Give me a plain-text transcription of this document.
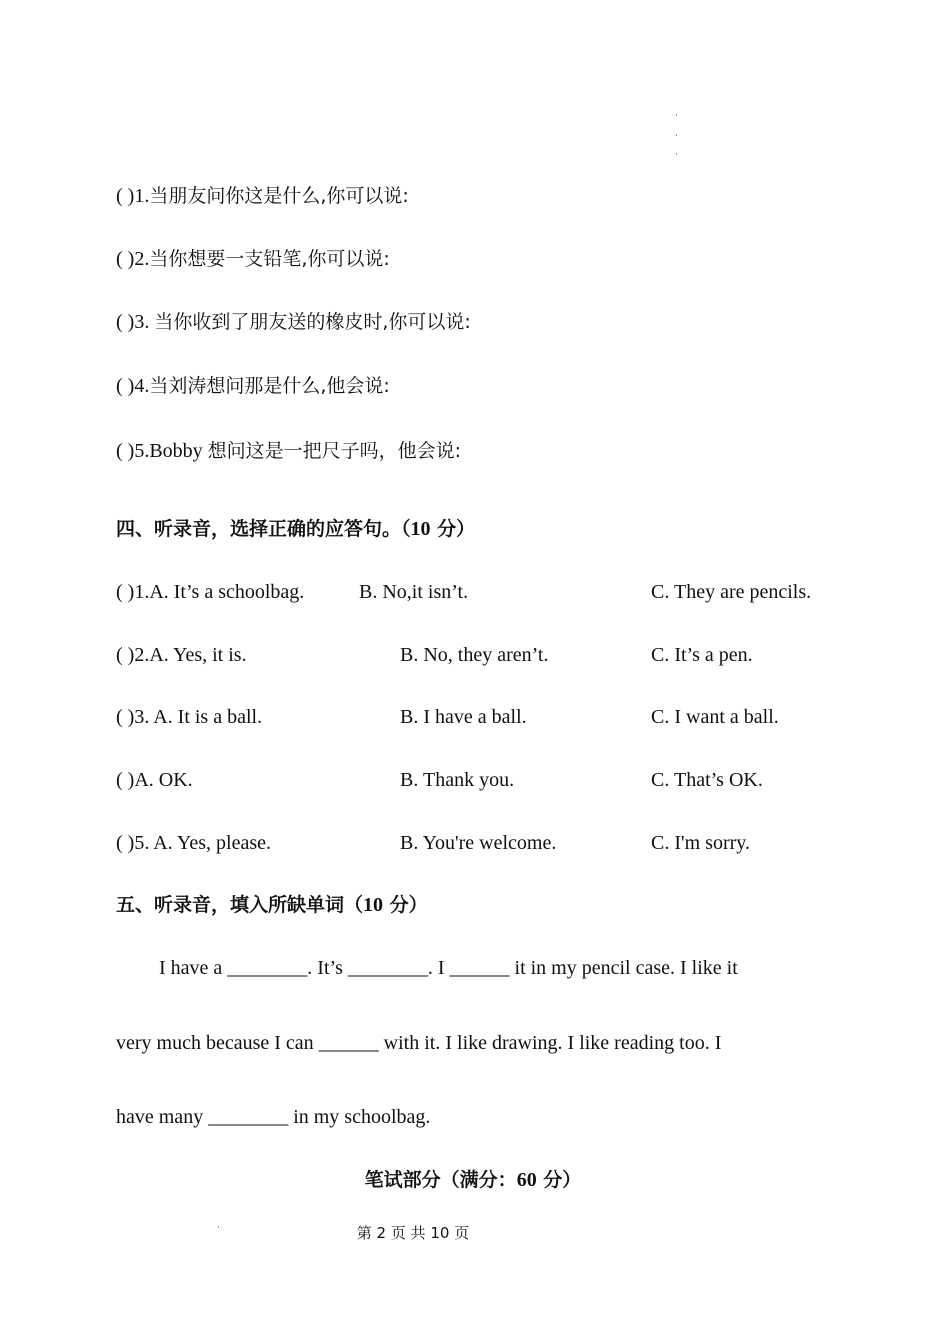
( )1.当朋友问你这是什么,你可以说:
( )2.当你想要一支铅笔,你可以说:
( )3. 当你收到了朋友送的橡皮时,你可以说:
( )4.当刘涛想问那是什么,他会说:
( )5.Bobby 想问这是一把尺子吗，他会说:
四、听录音，选择正确的应答句。（10 分）
( )1.A. It’s a schoolbag.	B. No,it isn’t.	C. They are pencils.
( )2.A. Yes, it is.	B. No, they aren’t.	C. It’s a pen.
( )3. A. It is a ball.	B. I have a ball.	C. I want a ball.
( )A. OK.	B. Thank you.	C. That’s OK.
( )5. A. Yes, please.	B. You're welcome.	C. I'm sorry.
五、听录音，填入所缺单词（10 分）
I have a ________. It’s ________. I ______ it in my pencil case. I like it
very much because I can ______ with it. I like drawing. I like reading too. I
have many ________ in my schoolbag.
笔试部分（满分：60 分）
第 2 页 共 10 页
